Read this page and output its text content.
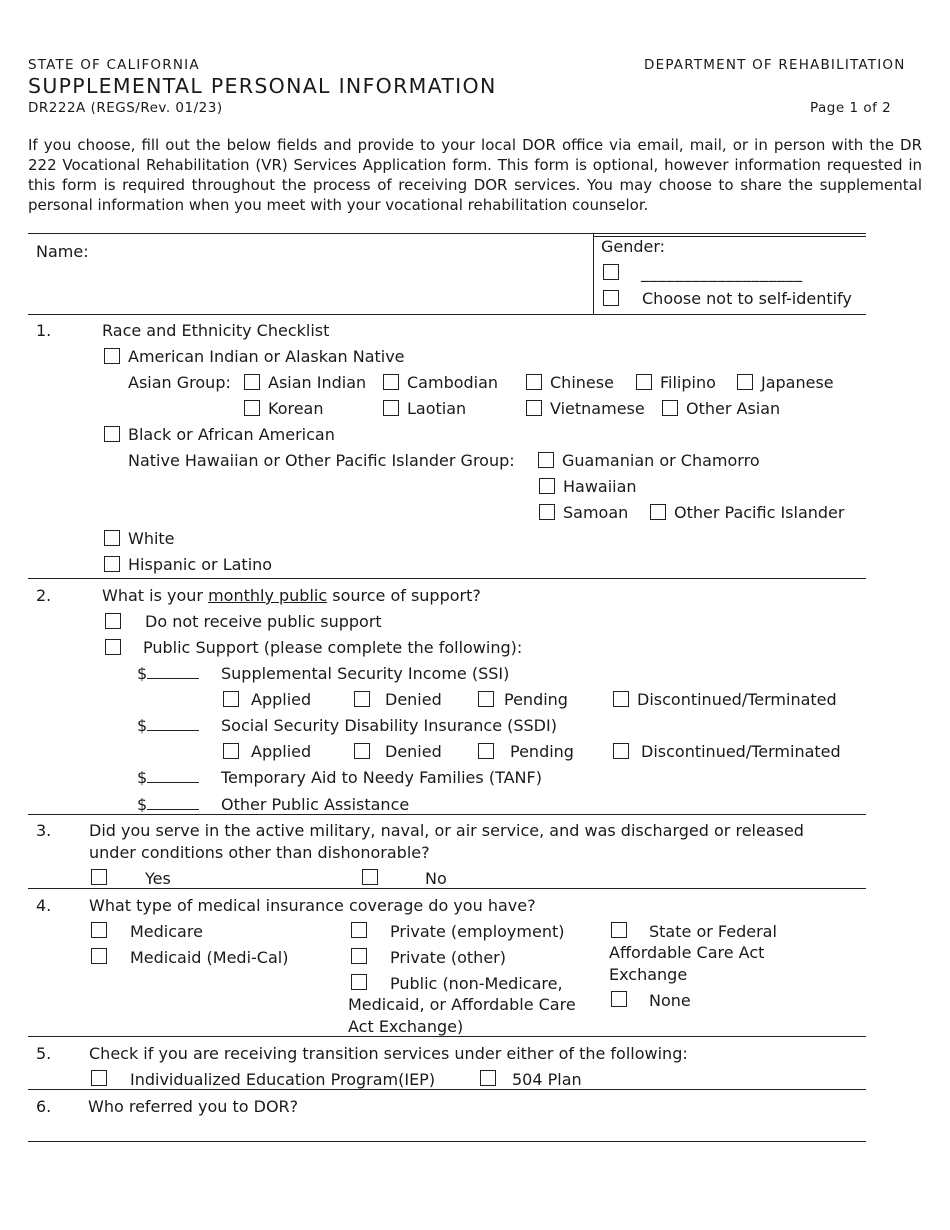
STATE OF CALIFORNIA	DEPARTMENT OF REHABILITATION
SUPPLEMENTAL PERSONAL INFORMATION
DR222A (REGS/Rev. 01/23)	Page 1 of 2
If you choose, fill out the below fields and provide to your local DOR office via email, mail, or in person with the DR 222 Vocational Rehabilitation (VR) Services Application form. This form is optional, however information requested in this form is required throughout the process of receiving DOR services. You may choose to share the supplemental personal information when you meet with your vocational rehabilitation counselor.
Name:	Gender:
___________________
Choose not to self-identify
1.	Race and Ethnicity Checklist
American Indian or Alaskan Native
Asian Group: Asian Indian	Cambodian	Chinese	Filipino	Japanese
Korean	Laotian	Vietnamese	Other Asian
Black or African American
Native Hawaiian or Other Pacific Islander Group:	Guamanian or Chamorro
Hawaiian
Samoan	Other Pacific Islander
White
Hispanic or Latino
2.	What is your monthly public source of support?
Do not receive public support
Public Support (please complete the following):
$	Supplemental Security Income (SSI)
Applied	Denied	Pending	Discontinued/Terminated
$	Social Security Disability Insurance (SSDI)
Applied	Denied	Pending	Discontinued/Terminated
$	Temporary Aid to Needy Families (TANF)
$	Other Public Assistance
3. Did you serve in the active military, naval, or air service, and was discharged or released
under conditions other than dishonorable?
Yes	No
4. What type of medical insurance coverage do you have?
Medicare
Medicaid (Medi-Cal)
Private (employment)
Private (other)
Public (non-Medicare,
Medicaid, or Affordable Care
Act Exchange)
State or Federal
Affordable Care Act
Exchange
None
5. Check if you are receiving transition services under either of the following:
Individualized Education Program(IEP)	504 Plan
6. Who referred you to DOR?
